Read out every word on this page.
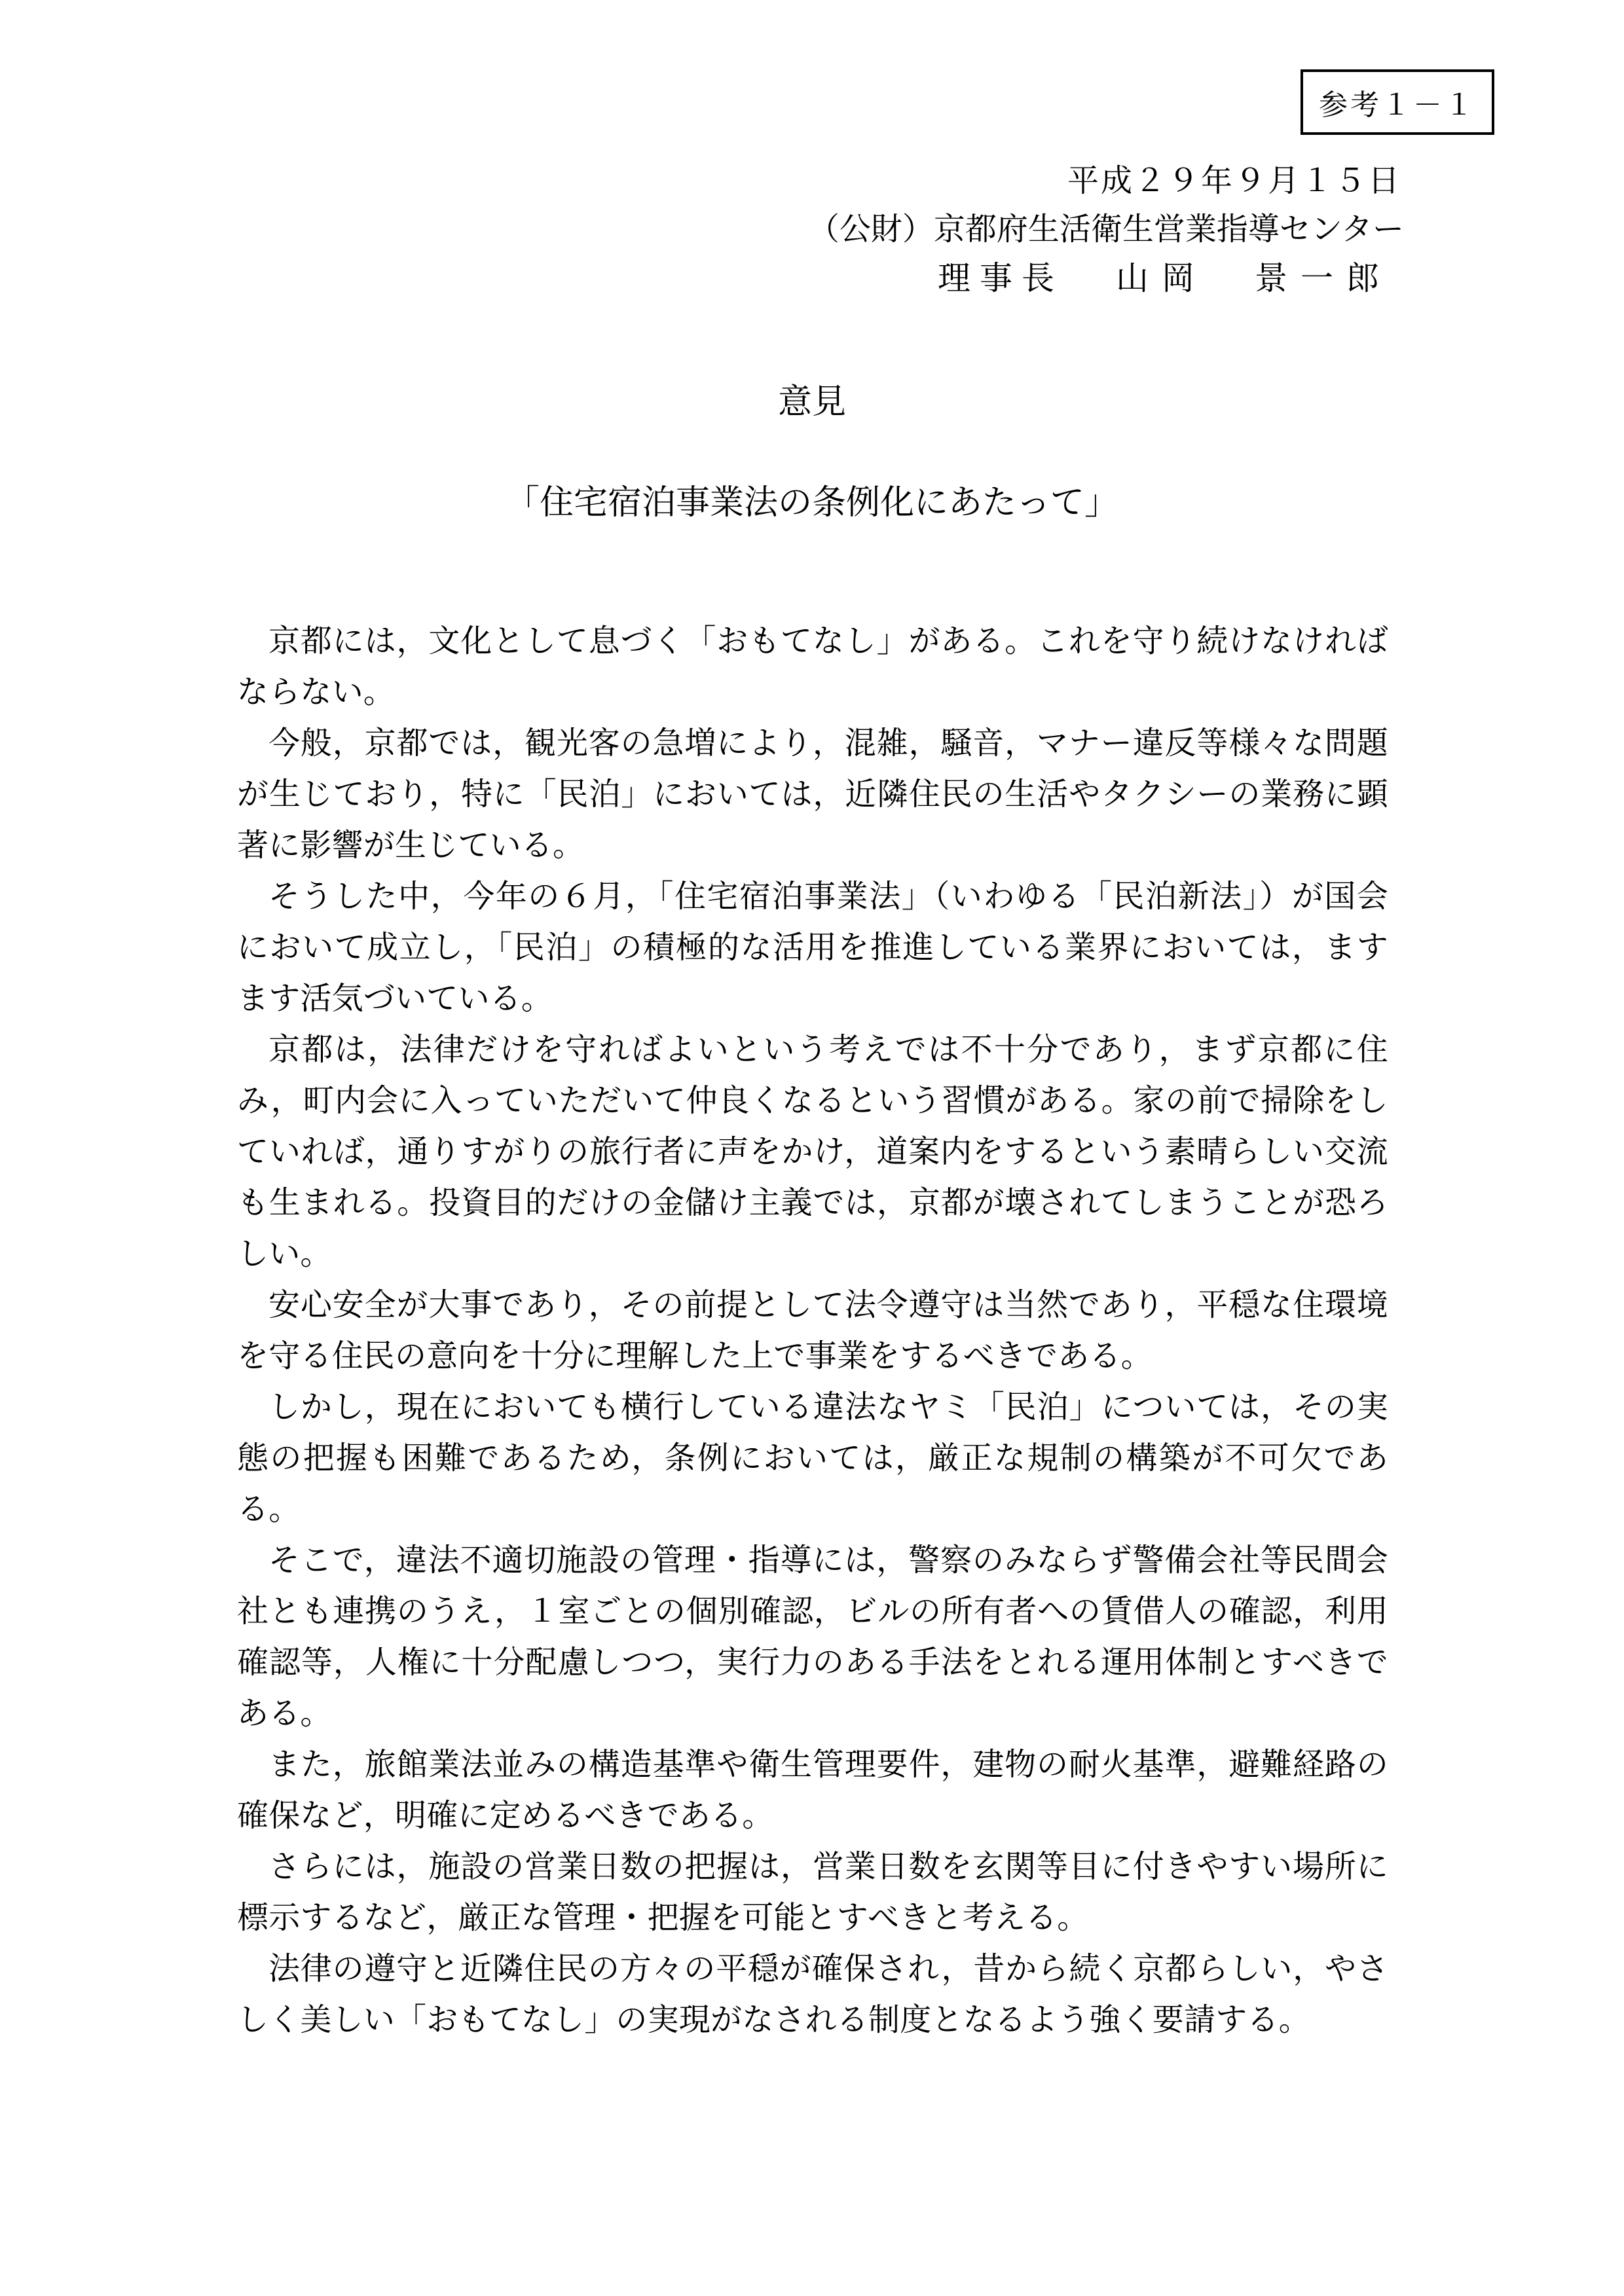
参考１－１
平成２９年９月１５日
（公財）京都府生活衛生営業指導センター
理事長 山岡 景一郎
意見
「住宅宿泊事業法の条例化にあたって」

京都には，文化として息づく「おもてなし」がある。これを守り続けなければならない。

今般，京都では，観光客の急増により，混雑，騒音，マナー違反等様々な問題が生じており，特に「民泊」においては，近隣住民の生活やタクシーの業務に顕著に影響が生じている。

そうした中，今年の６月，「住宅宿泊事業法」（いわゆる「民泊新法」）が国会において成立し，「民泊」の積極的な活用を推進している業界においては，ますます活気づいている。

京都は，法律だけを守ればよいという考えでは不十分であり，まず京都に住み，町内会に入っていただいて仲良くなるという習慣がある。家の前で掃除をしていれば，通りすがりの旅行者に声をかけ，道案内をするという素晴らしい交流も生まれる。投資目的だけの金儲け主義では，京都が壊されてしまうことが恐ろしい。

安心安全が大事であり，その前提として法令遵守は当然であり，平穏な住環境を守る住民の意向を十分に理解した上で事業をするべきである。

しかし，現在においても横行している違法なヤミ「民泊」については，その実態の把握も困難であるため，条例においては，厳正な規制の構築が不可欠である。

そこで，違法不適切施設の管理・指導には，警察のみならず警備会社等民間会社とも連携のうえ，１室ごとの個別確認，ビルの所有者への賃借人の確認，利用確認等，人権に十分配慮しつつ，実行力のある手法をとれる運用体制とすべきである。

また，旅館業法並みの構造基準や衛生管理要件，建物の耐火基準，避難経路の確保など，明確に定めるべきである。

さらには，施設の営業日数の把握は，営業日数を玄関等目に付きやすい場所に標示するなど，厳正な管理・把握を可能とすべきと考える。

法律の遵守と近隣住民の方々の平穏が確保され，昔から続く京都らしい，やさしく美しい「おもてなし」の実現がなされる制度となるよう強く要請する。
